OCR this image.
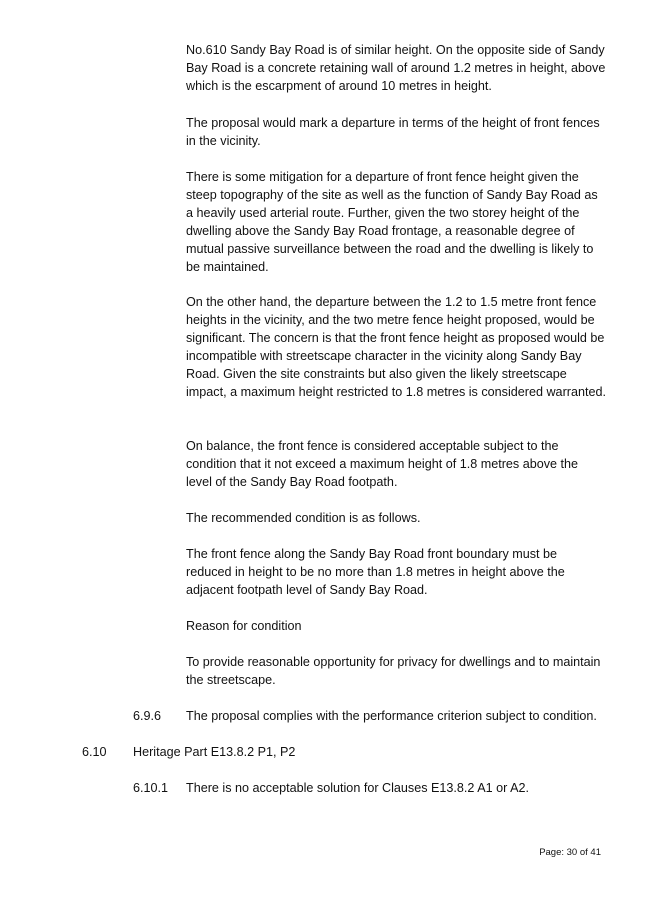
No.610 Sandy Bay Road is of similar height. On the opposite side of Sandy Bay Road is a concrete retaining wall of around 1.2 metres in height, above which is the escarpment of around 10 metres in height.

The proposal would mark a departure in terms of the height of front fences in the vicinity.

There is some mitigation for a departure of front fence height given the steep topography of the site as well as the function of Sandy Bay Road as a heavily used arterial route. Further, given the two storey height of the dwelling above the Sandy Bay Road frontage, a reasonable degree of mutual passive surveillance between the road and the dwelling is likely to be maintained.

On the other hand, the departure between the 1.2 to 1.5 metre front fence heights in the vicinity, and the two metre fence height proposed, would be significant. The concern is that the front fence height as proposed would be incompatible with streetscape character in the vicinity along Sandy Bay Road. Given the site constraints but also given the likely streetscape impact, a maximum height restricted to 1.8 metres is considered warranted.

On balance, the front fence is considered acceptable subject to the condition that it not exceed a maximum height of 1.8 metres above the level of the Sandy Bay Road footpath.

The recommended condition is as follows.

The front fence along the Sandy Bay Road front boundary must be reduced in height to be no more than 1.8 metres in height above the adjacent footpath level of Sandy Bay Road.

Reason for condition

To provide reasonable opportunity for privacy for dwellings and to maintain the streetscape.

6.9.6 The proposal complies with the performance criterion subject to condition.
6.10 Heritage Part E13.8.2 P1, P2
6.10.1 There is no acceptable solution for Clauses E13.8.2 A1 or A2.
Page: 30 of 41
